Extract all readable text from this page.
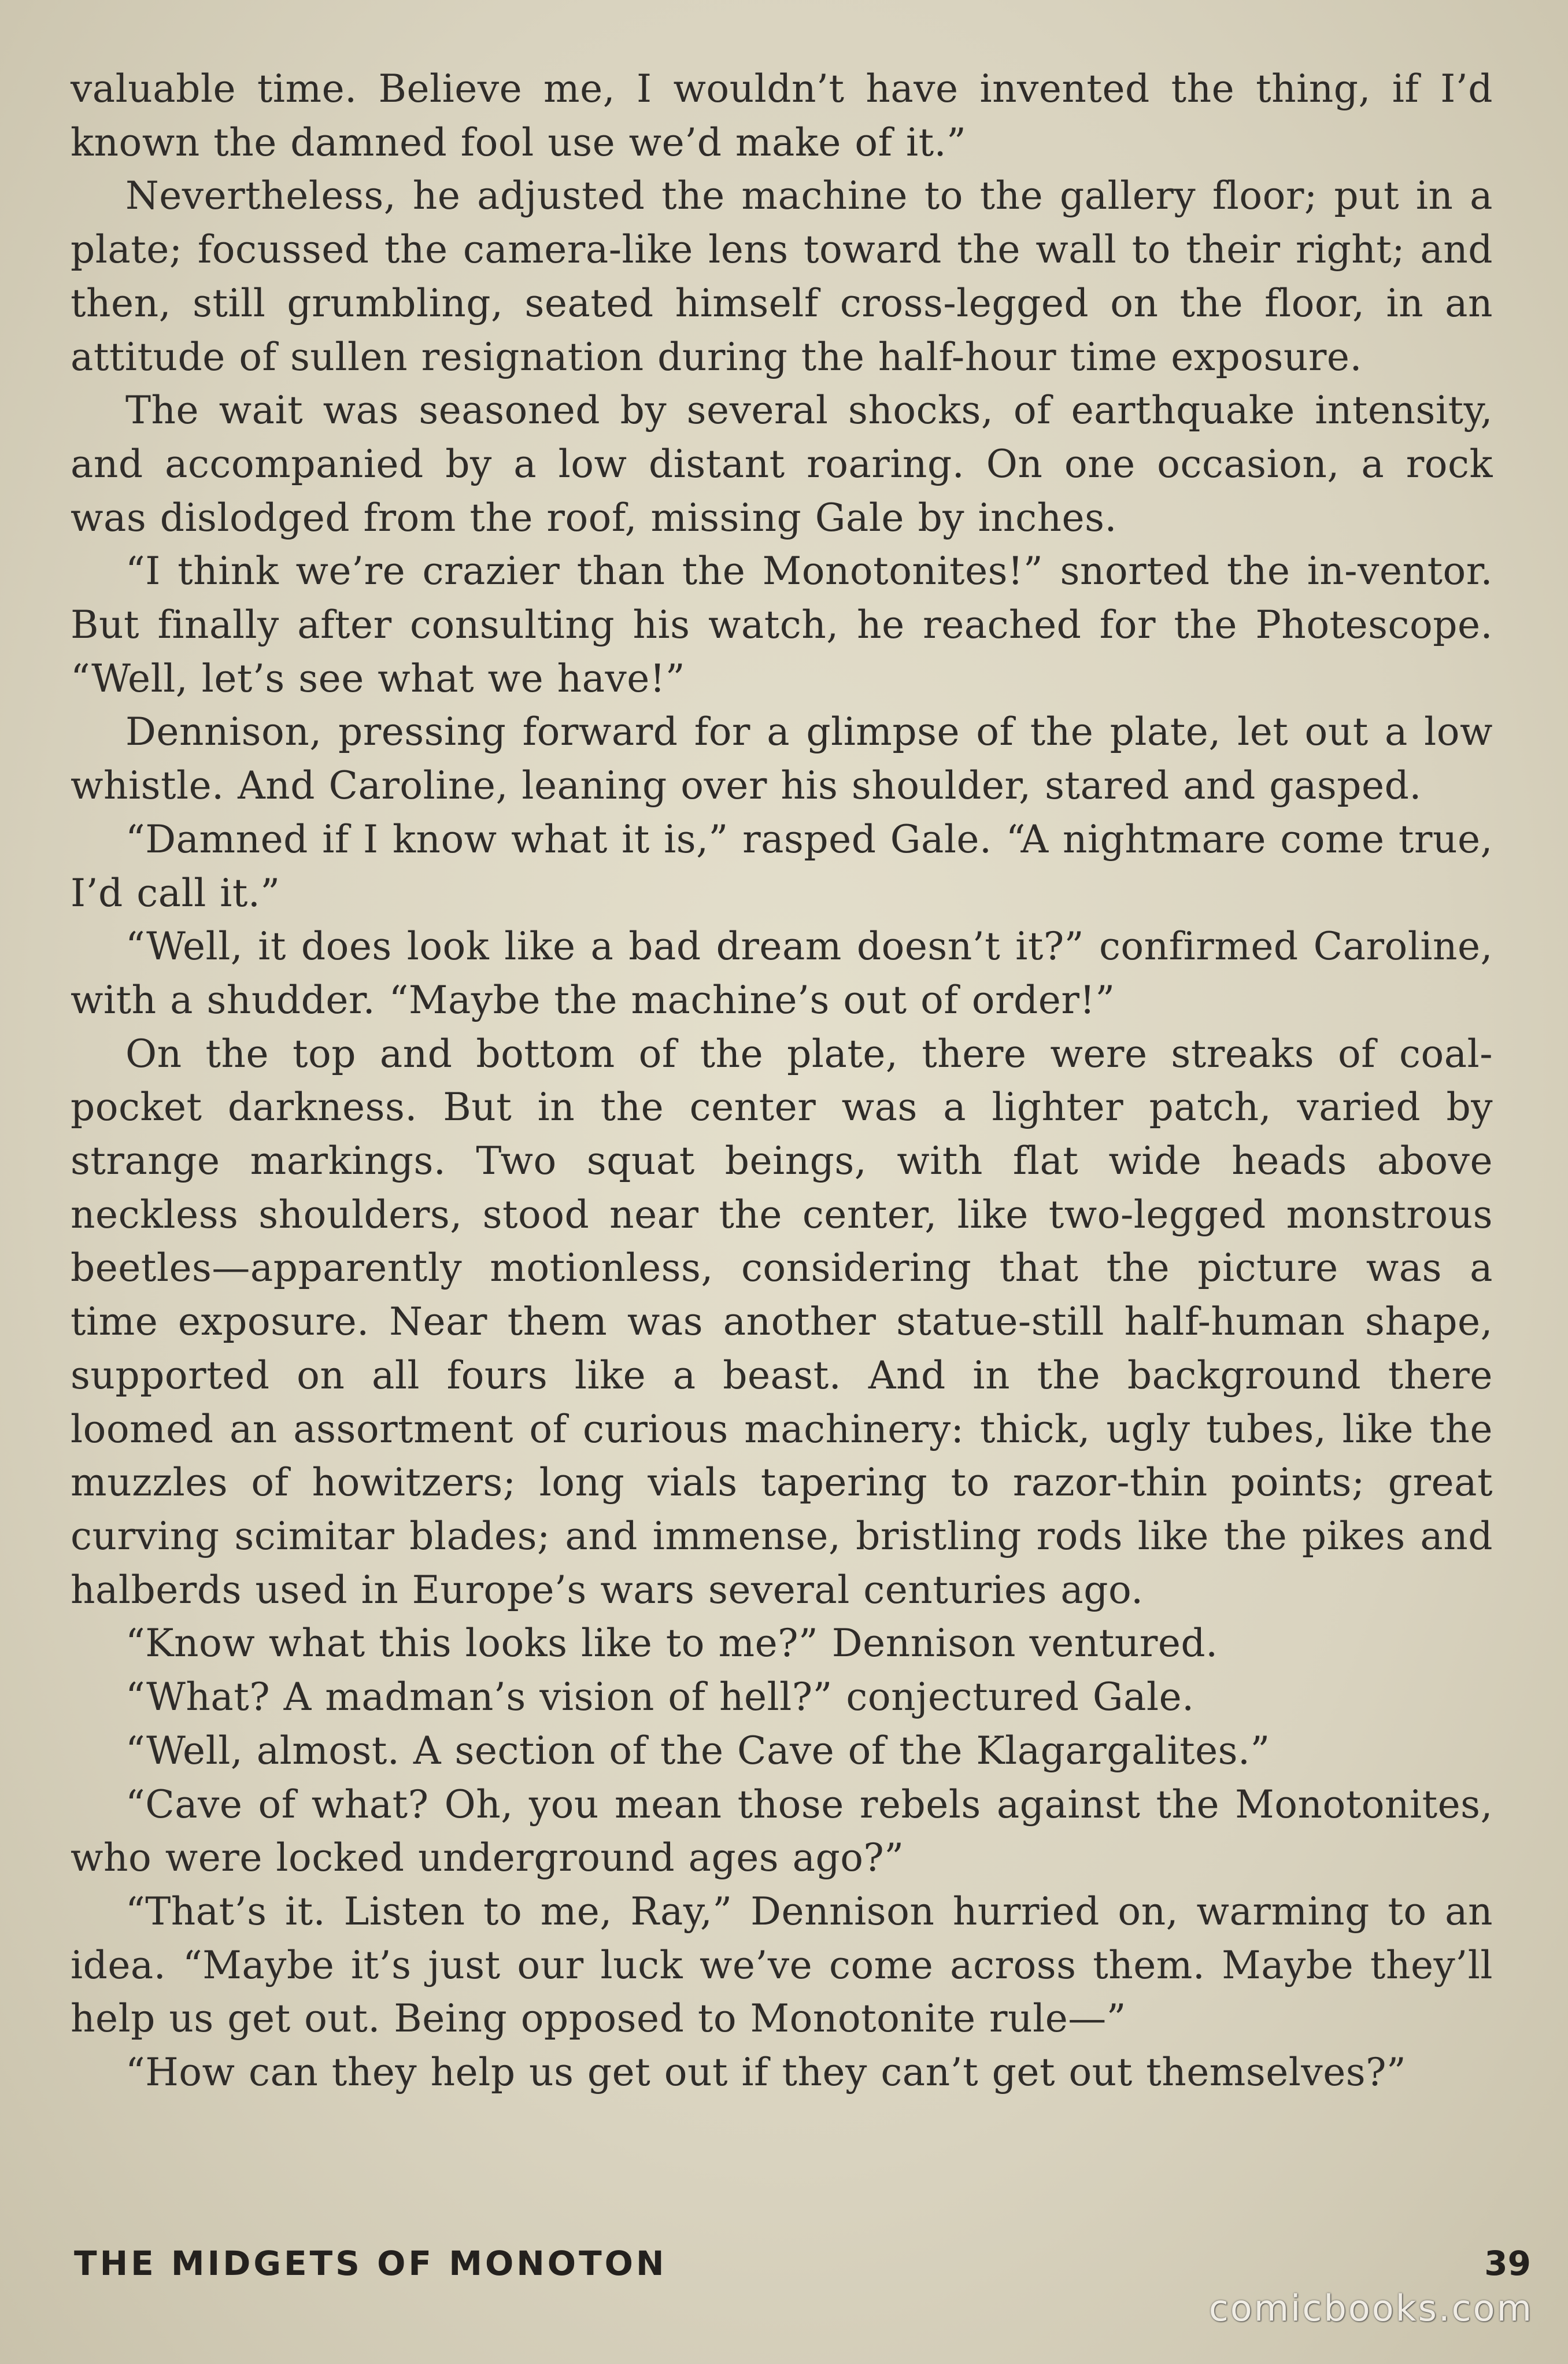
valuable time. Believe me, I wouldn’t have invented the thing, if I’d known the damned fool use we’d make of it.”

Nevertheless, he adjusted the machine to the gallery floor; put in a plate; focussed the camera-like lens toward the wall to their right; and then, still grumbling, seated himself cross-legged on the floor, in an attitude of sullen resignation during the half-hour time exposure.

The wait was seasoned by several shocks, of earthquake intensity, and accompanied by a low distant roaring. On one occasion, a rock was dislodged from the roof, missing Gale by inches.

“I think we’re crazier than the Monotonites!” snorted the in-ventor. But finally after consulting his watch, he reached for the Photescope. “Well, let’s see what we have!”

Dennison, pressing forward for a glimpse of the plate, let out a low whistle. And Caroline, leaning over his shoulder, stared and gasped.

“Damned if I know what it is,” rasped Gale. “A nightmare come true, I’d call it.”

“Well, it does look like a bad dream doesn’t it?” confirmed Caroline, with a shudder. “Maybe the machine’s out of order!”

On the top and bottom of the plate, there were streaks of coal-pocket darkness. But in the center was a lighter patch, varied by strange markings. Two squat beings, with flat wide heads above neckless shoulders, stood near the center, like two-legged monstrous beetles—apparently motionless, considering that the picture was a time exposure. Near them was another statue-still half-human shape, supported on all fours like a beast. And in the background there loomed an assortment of curious machinery: thick, ugly tubes, like the muzzles of howitzers; long vials tapering to razor-thin points; great curving scimitar blades; and immense, bristling rods like the pikes and halberds used in Europe’s wars several centuries ago.

“Know what this looks like to me?” Dennison ventured.

“What? A madman’s vision of hell?” conjectured Gale.

“Well, almost. A section of the Cave of the Klagargalites.”

“Cave of what? Oh, you mean those rebels against the Monotonites, who were locked underground ages ago?”

“That’s it. Listen to me, Ray,” Dennison hurried on, warming to an idea. “Maybe it’s just our luck we’ve come across them. Maybe they’ll help us get out. Being opposed to Monotonite rule—”

“How can they help us get out if they can’t get out themselves?”

THE MIDGETS OF MONOTON	39
comicbooks.com
